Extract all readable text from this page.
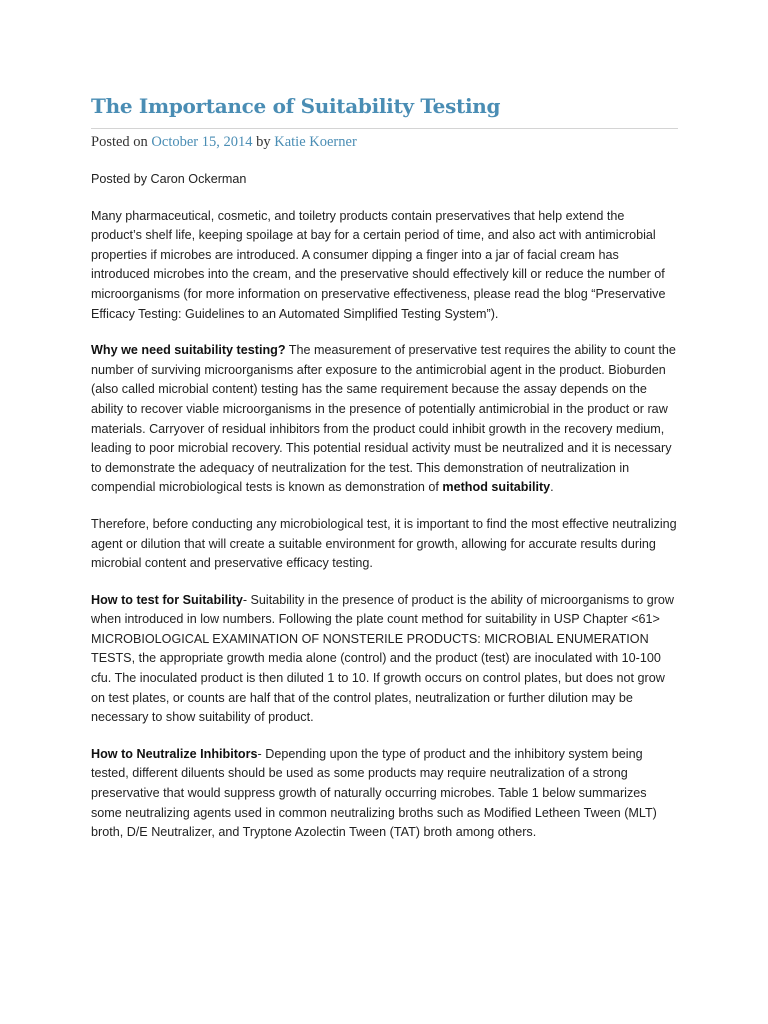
The Importance of Suitability Testing
Posted on October 15, 2014 by Katie Koerner

Posted by Caron Ockerman

Many pharmaceutical, cosmetic, and toiletry products contain preservatives that help extend the product’s shelf life, keeping spoilage at bay for a certain period of time, and also act with antimicrobial properties if microbes are introduced. A consumer dipping a finger into a jar of facial cream has introduced microbes into the cream, and the preservative should effectively kill or reduce the number of microorganisms (for more information on preservative effectiveness, please read the blog “Preservative Efficacy Testing: Guidelines to an Automated Simplified Testing System”).

Why we need suitability testing? The measurement of preservative test requires the ability to count the number of surviving microorganisms after exposure to the antimicrobial agent in the product. Bioburden (also called microbial content) testing has the same requirement because the assay depends on the ability to recover viable microorganisms in the presence of potentially antimicrobial in the product or raw materials. Carryover of residual inhibitors from the product could inhibit growth in the recovery medium, leading to poor microbial recovery. This potential residual activity must be neutralized and it is necessary to demonstrate the adequacy of neutralization for the test. This demonstration of neutralization in compendial microbiological tests is known as demonstration of method suitability.

Therefore, before conducting any microbiological test, it is important to find the most effective neutralizing agent or dilution that will create a suitable environment for growth, allowing for accurate results during microbial content and preservative efficacy testing.

How to test for Suitability- Suitability in the presence of product is the ability of microorganisms to grow when introduced in low numbers. Following the plate count method for suitability in USP Chapter <61> MICROBIOLOGICAL EXAMINATION OF NONSTERILE PRODUCTS: MICROBIAL ENUMERATION TESTS, the appropriate growth media alone (control) and the product (test) are inoculated with 10-100 cfu. The inoculated product is then diluted 1 to 10. If growth occurs on control plates, but does not grow on test plates, or counts are half that of the control plates, neutralization or further dilution may be necessary to show suitability of product.

How to Neutralize Inhibitors- Depending upon the type of product and the inhibitory system being tested, different diluents should be used as some products may require neutralization of a strong preservative that would suppress growth of naturally occurring microbes. Table 1 below summarizes some neutralizing agents used in common neutralizing broths such as Modified Letheen Tween (MLT) broth, D/E Neutralizer, and Tryptone Azolectin Tween (TAT) broth among others.
